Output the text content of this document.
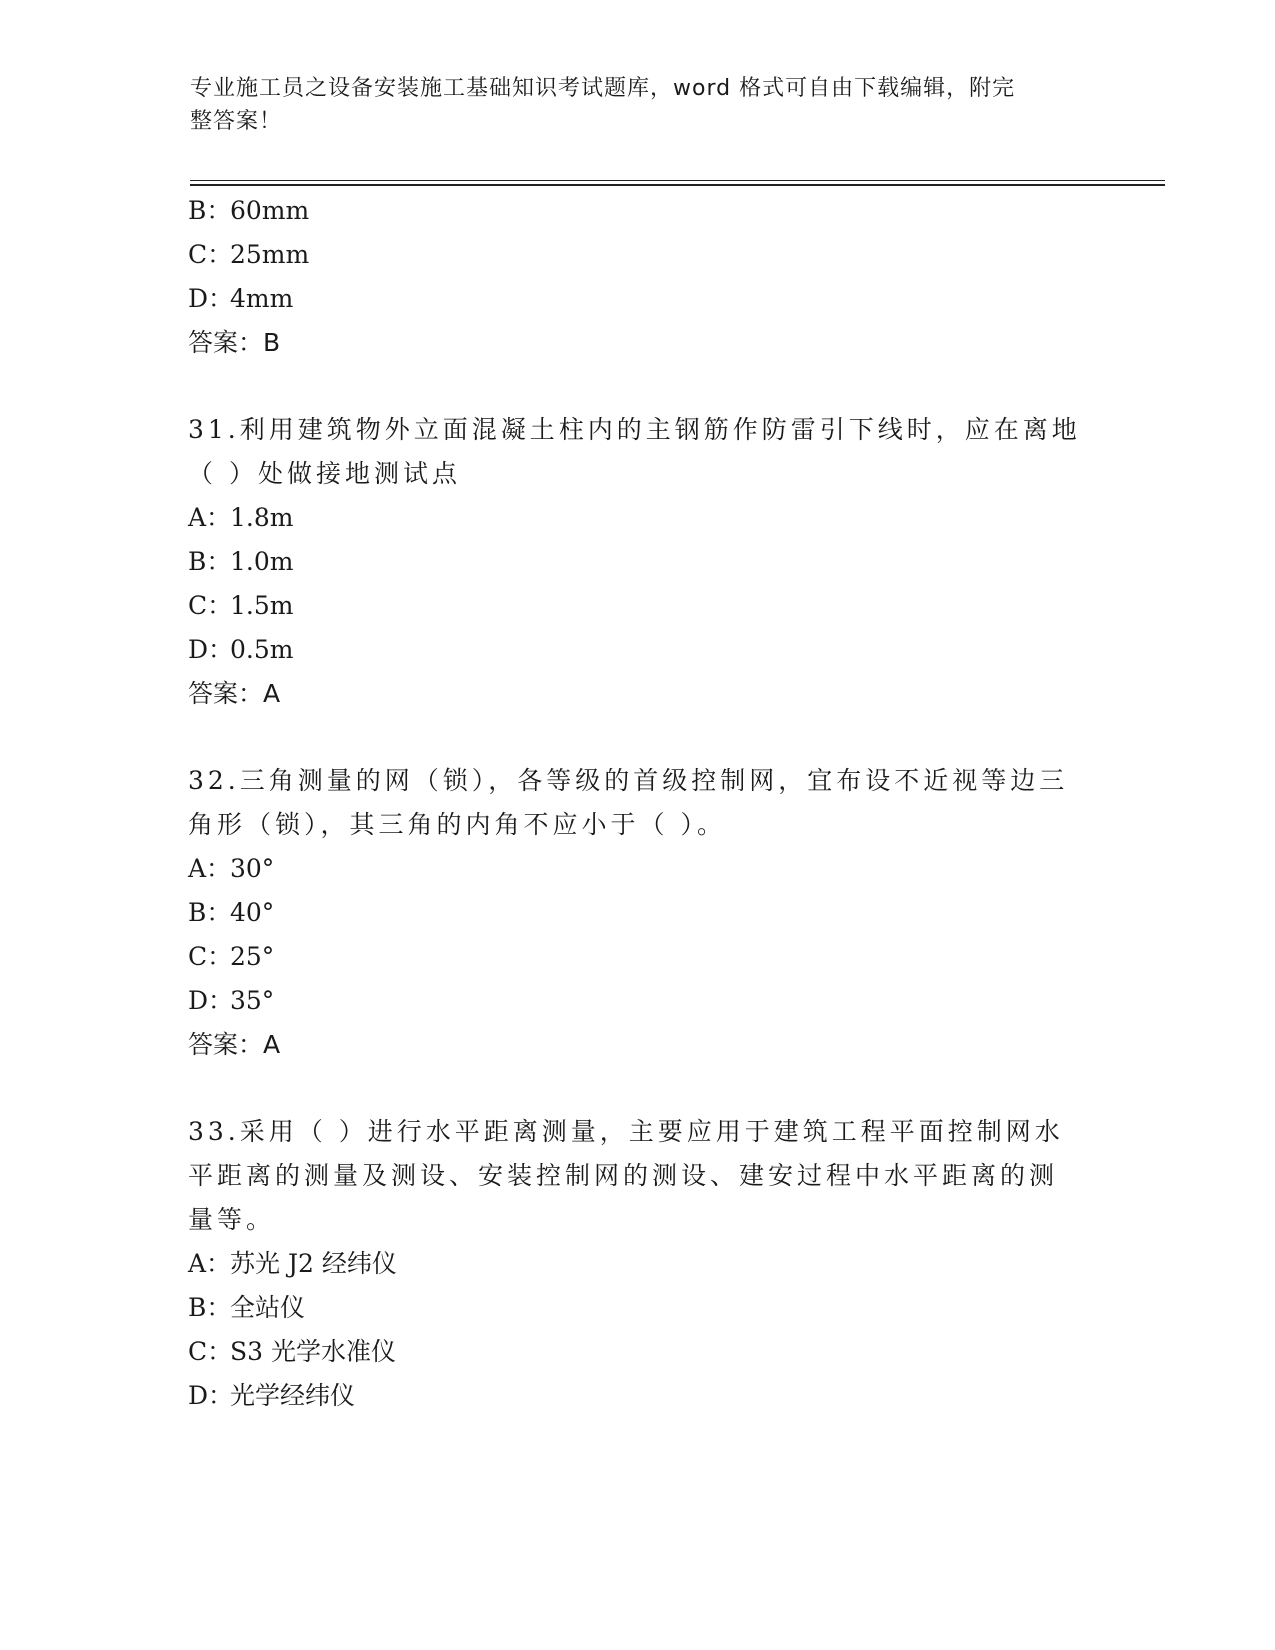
专业施工员之设备安装施工基础知识考试题库，word 格式可自由下载编辑，附完
整答案！
B：60mm
C：25mm
D：4mm
答案：B
31.利用建筑物外立面混凝土柱内的主钢筋作防雷引下线时，应在离地
（ ）处做接地测试点
A：1.8m
B：1.0m
C：1.5m
D：0.5m
答案：A
32.三角测量的网（锁），各等级的首级控制网，宜布设不近视等边三
角形（锁），其三角的内角不应小于（ ）。
A：30°
B：40°
C：25°
D：35°
答案：A
33.采用（ ）进行水平距离测量，主要应用于建筑工程平面控制网水
平距离的测量及测设、安装控制网的测设、建安过程中水平距离的测
量等。
A：苏光 J2 经纬仪
B：全站仪
C：S3 光学水准仪
D：光学经纬仪
